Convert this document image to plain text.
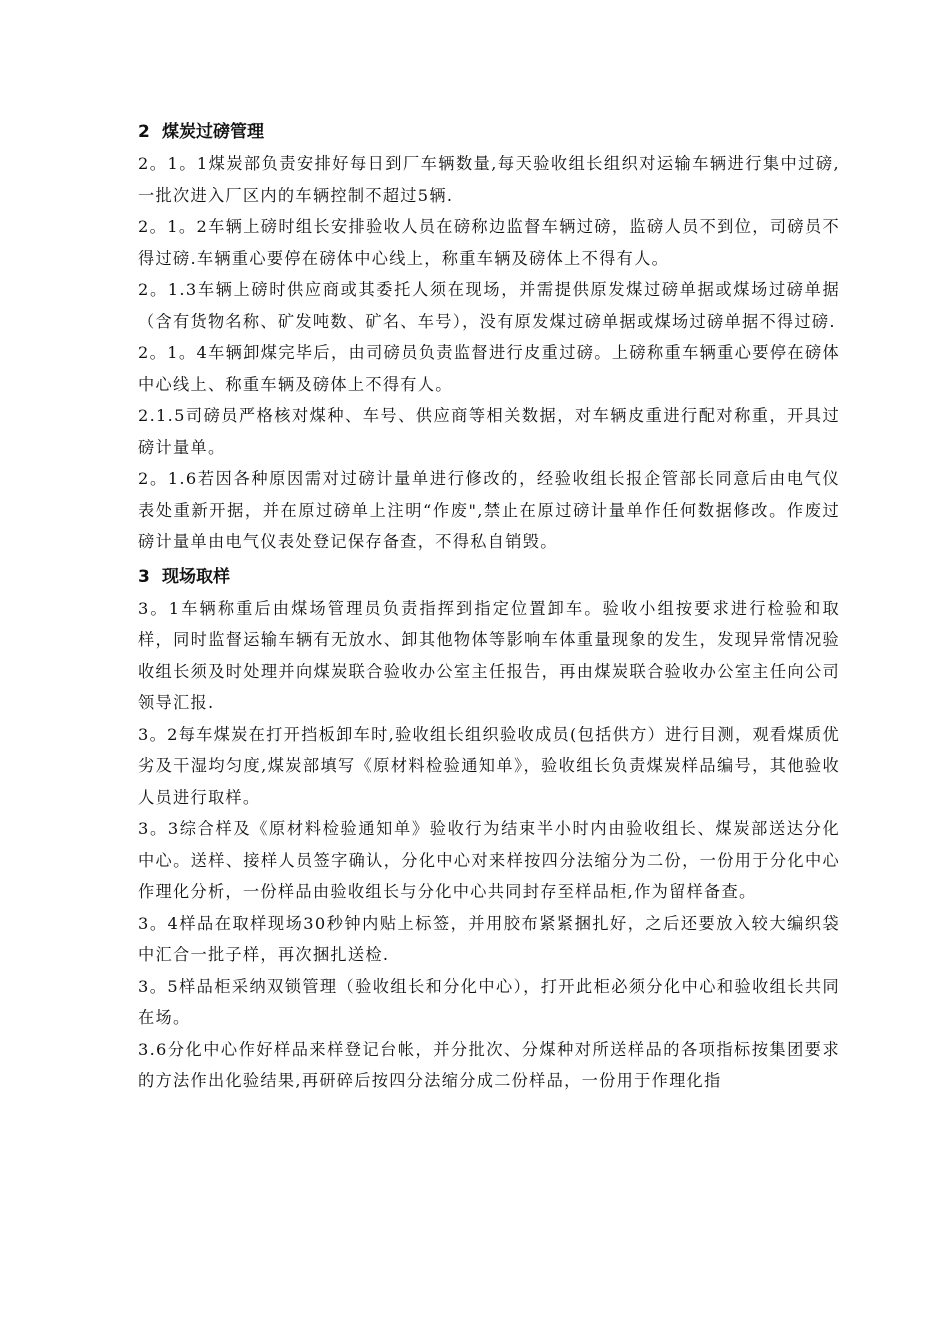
2 煤炭过磅管理

2。1。1煤炭部负责安排好每日到厂车辆数量,每天验收组长组织对运输车辆进行集中过磅,一批次进入厂区内的车辆控制不超过5辆.

2。1。2车辆上磅时组长安排验收人员在磅称边监督车辆过磅，监磅人员不到位，司磅员不得过磅.车辆重心要停在磅体中心线上，称重车辆及磅体上不得有人。

2。1.3车辆上磅时供应商或其委托人须在现场，并需提供原发煤过磅单据或煤场过磅单据（含有货物名称、矿发吨数、矿名、车号），没有原发煤过磅单据或煤场过磅单据不得过磅.

2。1。4车辆卸煤完毕后，由司磅员负责监督进行皮重过磅。上磅称重车辆重心要停在磅体中心线上、称重车辆及磅体上不得有人。

2.1.5司磅员严格核对煤种、车号、供应商等相关数据，对车辆皮重进行配对称重，开具过磅计量单。

2。1.6若因各种原因需对过磅计量单进行修改的，经验收组长报企管部长同意后由电气仪表处重新开据，并在原过磅单上注明“作废",禁止在原过磅计量单作任何数据修改。作废过磅计量单由电气仪表处登记保存备查，不得私自销毁。

3 现场取样

3。1车辆称重后由煤场管理员负责指挥到指定位置卸车。验收小组按要求进行检验和取样，同时监督运输车辆有无放水、卸其他物体等影响车体重量现象的发生，发现异常情况验收组长须及时处理并向煤炭联合验收办公室主任报告，再由煤炭联合验收办公室主任向公司领导汇报.

3。2每车煤炭在打开挡板卸车时,验收组长组织验收成员(包括供方）进行目测，观看煤质优劣及干湿均匀度,煤炭部填写《原材料检验通知单》，验收组长负责煤炭样品编号，其他验收人员进行取样。

3。3综合样及《原材料检验通知单》验收行为结束半小时内由验收组长、煤炭部送达分化中心。送样、接样人员签字确认，分化中心对来样按四分法缩分为二份，一份用于分化中心作理化分析，一份样品由验收组长与分化中心共同封存至样品柜,作为留样备查。

3。4样品在取样现场30秒钟内贴上标签，并用胶布紧紧捆扎好，之后还要放入较大编织袋中汇合一批子样，再次捆扎送检.

3。5样品柜采纳双锁管理（验收组长和分化中心），打开此柜必须分化中心和验收组长共同在场。

3.6分化中心作好样品来样登记台帐，并分批次、分煤种对所送样品的各项指标按集团要求的方法作出化验结果,再研碎后按四分法缩分成二份样品，一份用于作理化指
